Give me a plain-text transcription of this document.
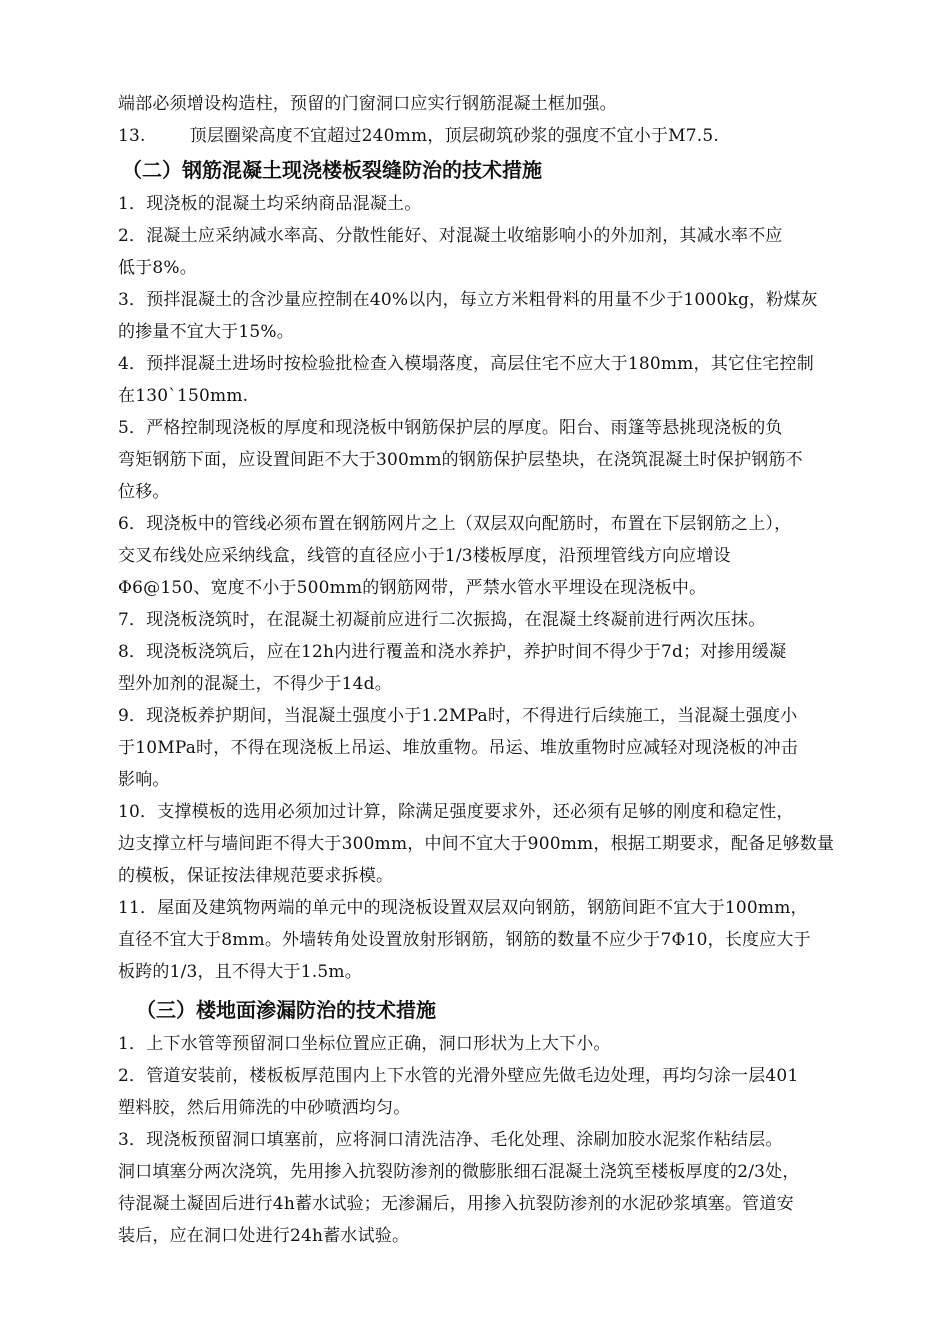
端部必须增设构造柱，预留的门窗洞口应实行钢筋混凝土框加强。
13.	顶层圈梁高度不宜超过240mm，顶层砌筑砂浆的强度不宜小于M7.5.
（二）钢筋混凝土现浇楼板裂缝防治的技术措施
1．现浇板的混凝土均采纳商品混凝土。
2．混凝土应采纳减水率高、分散性能好、对混凝土收缩影响小的外加剂，其减水率不应
低于8%。
3．预拌混凝土的含沙量应控制在40%以内，每立方米粗骨料的用量不少于1000kg，粉煤灰
的掺量不宜大于15%。
4．预拌混凝土进场时按检验批检查入模塌落度，高层住宅不应大于180mm，其它住宅控制
在130`150mm.
5．严格控制现浇板的厚度和现浇板中钢筋保护层的厚度。阳台、雨篷等悬挑现浇板的负
弯矩钢筋下面，应设置间距不大于300mm的钢筋保护层垫块，在浇筑混凝土时保护钢筋不
位移。
6．现浇板中的管线必须布置在钢筋网片之上（双层双向配筋时，布置在下层钢筋之上），
交叉布线处应采纳线盒，线管的直径应小于1/3楼板厚度，沿预埋管线方向应增设
Φ6@150、宽度不小于500mm的钢筋网带，严禁水管水平埋设在现浇板中。
7．现浇板浇筑时，在混凝土初凝前应进行二次振捣，在混凝土终凝前进行两次压抹。
8．现浇板浇筑后，应在12h内进行覆盖和浇水养护，养护时间不得少于7d；对掺用缓凝
型外加剂的混凝土，不得少于14d。
9．现浇板养护期间，当混凝土强度小于1.2MPa时，不得进行后续施工，当混凝土强度小
于10MPa时，不得在现浇板上吊运、堆放重物。吊运、堆放重物时应减轻对现浇板的冲击
影响。
10．支撑模板的选用必须加过计算，除满足强度要求外，还必须有足够的刚度和稳定性，
边支撑立杆与墙间距不得大于300mm，中间不宜大于900mm，根据工期要求，配备足够数量
的模板，保证按法律规范要求拆模。
11．屋面及建筑物两端的单元中的现浇板设置双层双向钢筋，钢筋间距不宜大于100mm，
直径不宜大于8mm。外墙转角处设置放射形钢筋，钢筋的数量不应少于7Φ10，长度应大于
板跨的1/3，且不得大于1.5m。
（三）楼地面渗漏防治的技术措施
1．上下水管等预留洞口坐标位置应正确，洞口形状为上大下小。
2．管道安装前，楼板板厚范围内上下水管的光滑外壁应先做毛边处理，再均匀涂一层401
塑料胶，然后用筛洗的中砂喷洒均匀。
3．现浇板预留洞口填塞前，应将洞口清洗洁净、毛化处理、涂刷加胶水泥浆作粘结层。
洞口填塞分两次浇筑，先用掺入抗裂防渗剂的微膨胀细石混凝土浇筑至楼板厚度的2/3处，
待混凝土凝固后进行4h蓄水试验；无渗漏后，用掺入抗裂防渗剂的水泥砂浆填塞。管道安
装后，应在洞口处进行24h蓄水试验。
